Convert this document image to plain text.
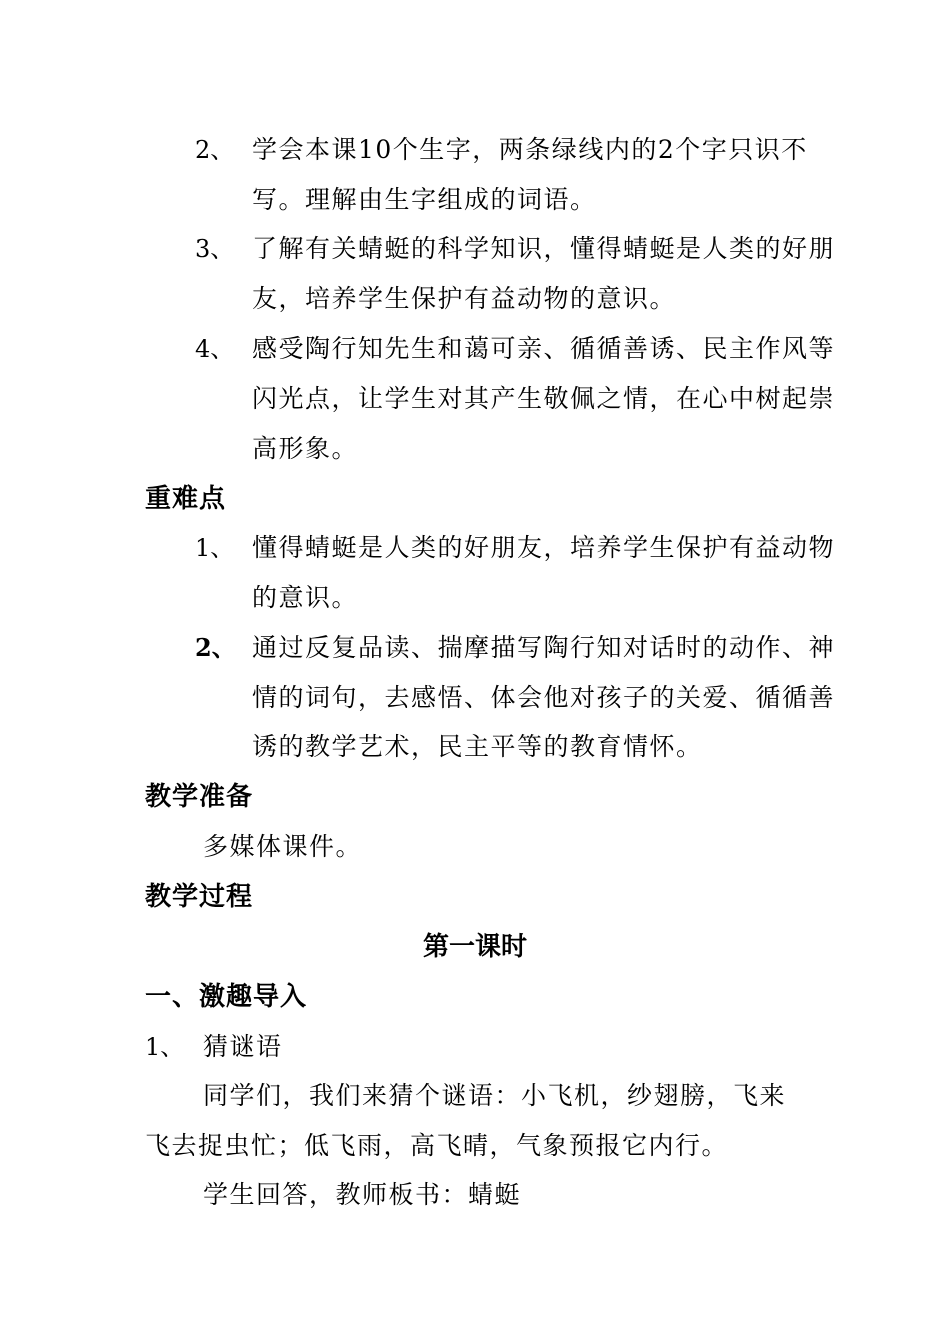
2、 学会本课10个生字，两条绿线内的2个字只识不
写。理解由生字组成的词语。
3、 了解有关蜻蜓的科学知识，懂得蜻蜓是人类的好朋
友，培养学生保护有益动物的意识。
4、 感受陶行知先生和蔼可亲、循循善诱、民主作风等
闪光点，让学生对其产生敬佩之情，在心中树起崇
高形象。
重难点
1、 懂得蜻蜓是人类的好朋友，培养学生保护有益动物
的意识。
2、 通过反复品读、揣摩描写陶行知对话时的动作、神
情的词句，去感悟、体会他对孩子的关爱、循循善
诱的教学艺术，民主平等的教育情怀。
教学准备
多媒体课件。
教学过程
第一课时
一、激趣导入
1、 猜谜语
同学们，我们来猜个谜语：小飞机，纱翅膀，飞来
飞去捉虫忙；低飞雨，高飞晴，气象预报它内行。
学生回答，教师板书：蜻蜓
